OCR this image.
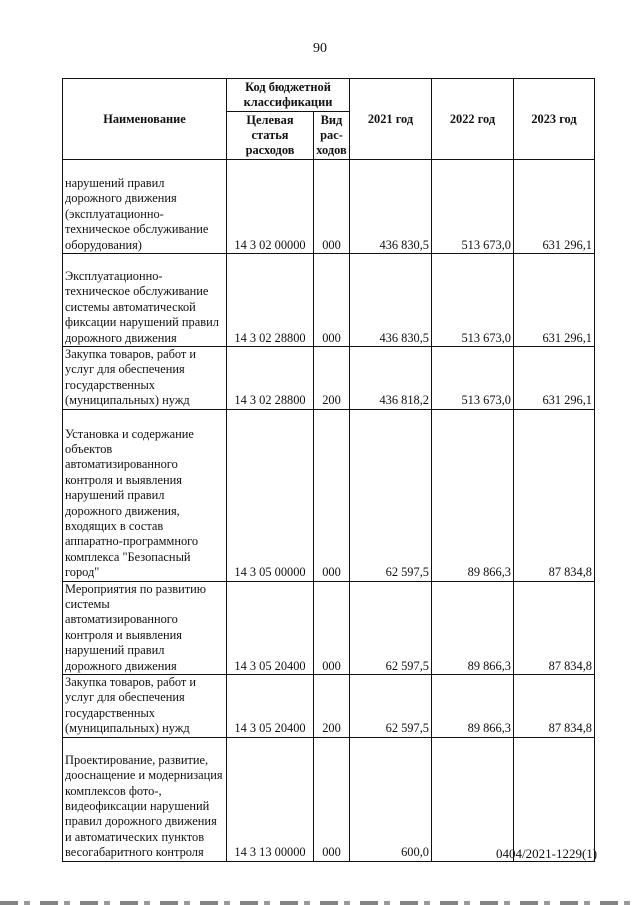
90
Наименование	Код бюджетной классификации		2021 год	2022 год	2023 год
	Целевая статья расходов	Вид рас-ходов			
нарушений правил дорожного движения (эксплуатационно-техническое обслуживание оборудования)	14 3 02 00000	000	436 830,5	513 673,0	631 296,1
Эксплуатационно-техническое обслуживание системы автоматической фиксации нарушений правил дорожного движения	14 3 02 28800	000	436 830,5	513 673,0	631 296,1
Закупка товаров, работ и услуг для обеспечения государственных (муниципальных) нужд	14 3 02 28800	200	436 818,2	513 673,0	631 296,1
Установка и содержание объектов автоматизированного контроля и выявления нарушений правил дорожного движения, входящих в состав аппаратно-программного комплекса "Безопасный город"	14 3 05 00000	000	62 597,5	89 866,3	87 834,8
Мероприятия по развитию системы автоматизированного контроля и выявления нарушений правил дорожного движения	14 3 05 20400	000	62 597,5	89 866,3	87 834,8
Закупка товаров, работ и услуг для обеспечения государственных (муниципальных) нужд	14 3 05 20400	200	62 597,5	89 866,3	87 834,8
Проектирование, развитие, дооснащение и модернизация комплексов фото-, видеофиксации нарушений правил дорожного движения и автоматических пунктов весогабаритного контроля	14 3 13 00000	000	600,0			0404/2021-1229(1)
